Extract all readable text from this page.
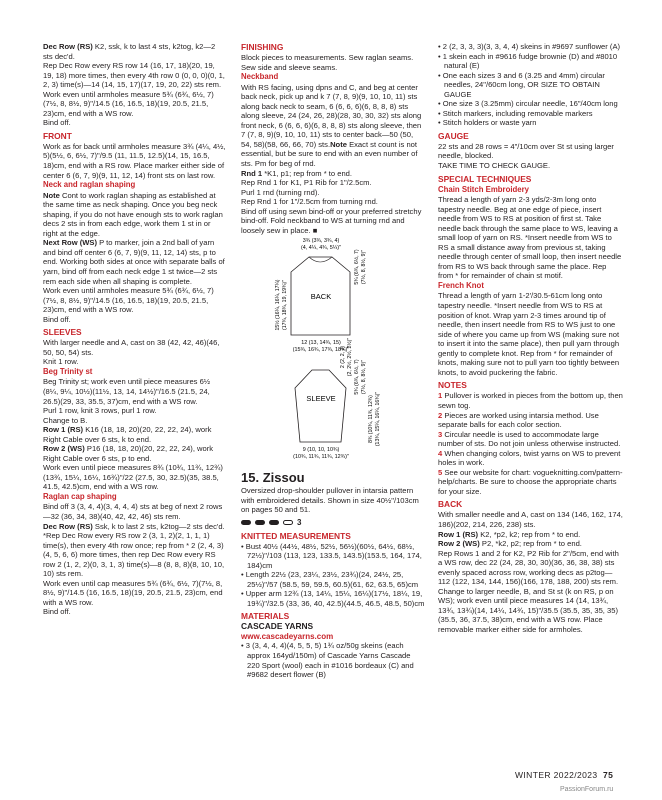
Dec Row (RS) K2, ssk, k to last 4 sts, k2tog, k2—2 sts dec'd.

Rep Dec Row every RS row 14 (16, 17, 18)(20, 19, 19, 18) more times, then every 4th row 0 (0, 0, 0)(0, 1, 2, 3) time(s)—14 (14, 15, 17)(17, 19, 20, 22) sts rem.

Work even until armholes measure 5¾ (6¾, 6½, 7)(7½, 8, 8½, 9)"/14.5 (16, 16.5, 18)(19, 20.5, 21.5, 23)cm, end with a WS row.

Bind off.

FRONT

Work as for back until armholes measure 3¾ (4¼, 4½, 5)(5½, 6, 6½, 7)"/9.5 (11, 11.5, 12.5)(14, 15, 16.5, 18)cm, end with a RS row. Place marker either side of center 6 (6, 7, 9)(9, 11, 12, 14) front sts on last row.

Neck and raglan shaping

Note Cont to work raglan shaping as established at the same time as neck shaping. Once you beg neck shaping, if you do not have enough sts to work raglan decs 2 sts in from each edge, work them 1 st in or right at the edge.

Next Row (WS) P to marker, join a 2nd ball of yarn and bind off center 6 (6, 7, 9)(9, 11, 12, 14) sts, p to end. Working both sides at once with separate balls of yarn, bind off from each neck edge 1 st twice—2 sts rem each side when all shaping is complete.

Work even until armholes measure 5¾ (6¾, 6½, 7)(7½, 8, 8½, 9)"/14.5 (16, 16.5, 18)(19, 20.5, 21.5, 23)cm, end with a WS row.

Bind off.

SLEEVES

With larger needle and A, cast on 38 (42, 42, 46)(46, 50, 50, 54) sts.

Knit 1 row.

Beg Trinity st

Beg Trinity st; work even until piece measures 6½ (8¼, 9¼, 10½)(11½, 13, 14, 14½)"/16.5 (21.5, 24, 26.5)(29, 33, 35.5, 37)cm, end with a WS row.

Purl 1 row, knit 3 rows, purl 1 row.

Change to B.

Row 1 (RS) K16 (18, 18, 20)(20, 22, 22, 24), work Right Cable over 6 sts, k to end.

Row 2 (WS) P16 (18, 18, 20)(20, 22, 22, 24), work Right Cable over 6 sts, p to end.

Work even until piece measures 8¾ (10¾, 11¾, 12¾)(13¾, 15¼, 16¼, 16¾)"/22 (27.5, 30, 32.5)(35, 38.5, 41.5, 42.5)cm, end with a WS row.

Raglan cap shaping

Bind off 3 (3, 4, 4)(3, 4, 4, 4) sts at beg of next 2 rows—32 (36, 34, 38)(40, 42, 42, 46) sts rem.

Dec Row (RS) Ssk, k to last 2 sts, k2tog—2 sts dec'd.

*Rep Dec Row every RS row 2 (3, 1, 2)(2, 1, 1, 1) time(s), then every 4th row once; rep from * 2 (2, 4, 3)(4, 5, 6, 6) more times, then rep Dec Row every RS row 2 (1, 2, 2)(0, 3, 1, 3) time(s)—8 (8, 8, 8)(8, 10, 10, 10) sts rem.

Work even until cap measures 5¾ (6¾, 6½, 7)(7½, 8, 8½, 9)"/14.5 (16, 16.5, 18)(19, 20.5, 21.5, 23)cm, end with a WS row.

Bind off.

FINISHING

Block pieces to measurements. Sew raglan seams. Sew side and sleeve seams.

Neckband

With RS facing, using dpns and C, and beg at center back neck, pick up and k 7 (7, 8, 9)(9, 10, 10, 11) sts along back neck to seam, 6 (6, 6, 6)(6, 8, 8, 8) sts along sleeve, 24 (24, 26, 28)(28, 30, 30, 32) sts along front neck, 6 (6, 6, 6)(6, 8, 8, 8) sts along sleeve, then 7 (7, 8, 9)(9, 10, 10, 11) sts to center back—50 (50, 54, 58)(58, 66, 66, 70) sts.Note Exact st count is not essential, but be sure to end with an even number of sts. Pm for beg of rnd.

Rnd 1 *K1, p1; rep from * to end.

Rep Rnd 1 for K1, P1 Rib for 1"/2.5cm.

Purl 1 rnd (turning rnd).

Rep Rnd 1 for 1"/2.5cm from turning rnd.

Bind off using sewn bind-off or your preferred stretchy bind-off. Fold neckband to WS at turning rnd and loosely sew in place. ■

3¾ (3¾, 3¾, 4)
(4, 4¼, 4¾, 5¼)"
BACK
15½ (16¼, 16¼, 17¼) (17¾, 18¾, 19, 19¾)"
5¾ (6¾, 6½, 7) (7½, 8, 8½, 9)"
12 (13, 14¾, 15)
(15¾, 16¾, 17¾, 18¾)"
SLEEVE
2 (2, 2, 2) (2, 2½, 2½, 2½)"
5¾ (6¾, 6½, 7) (7½, 8, 8½, 9)"
8¾ (10¾, 11¾, 12¾) (13¾, 15¼, 16¼, 16¾)"
9 (10, 10, 10¾)
(10¾, 11¾, 11¾, 12¾)"
15. Zissou

Oversized drop-shoulder pullover in intarsia pattern with embroidered details. Shown in size 40½"/103cm on pages 50 and 51.

3
KNITTED MEASUREMENTS

• Bust 40½ (44½, 48½, 52½, 56½)(60½, 64½, 68½, 72½)"/103 (113, 123, 133.5, 143.5)(153.5, 164, 174, 184)cm

• Length 22½ (23, 23¼, 23½, 23¾)(24, 24½, 25, 25½)"/57 (58.5, 59, 59.5, 60.5)(61, 62, 63.5, 65)cm

• Upper arm 12¾ (13, 14¼, 15¼, 16¼)(17½, 18¼, 19, 19¾)"/32.5 (33, 36, 40, 42.5)(44.5, 46.5, 48.5, 50)cm

MATERIALS
CASCADE YARNS
www.cascadeyarns.com

• 3 (3, 4, 4, 4)(4, 5, 5, 5) 1¾ oz/50g skeins (each approx 164yd/150m) of Cascade Yarns Cascade 220 Sport (wool) each in #1016 bordeaux (C) and #9682 desert flower (B)

• 2 (2, 3, 3, 3)(3, 3, 4, 4) skeins in #9697 sunflower (A)

• 1 skein each in #9616 fudge brownie (D) and #8010 natural (E)

• One each sizes 3 and 6 (3.25 and 4mm) circular needles, 24"/60cm long, OR SIZE TO OBTAIN GAUGE

• One size 3 (3.25mm) circular needle, 16"/40cm long

• Stitch markers, including removable markers

• Stitch holders or waste yarn

GAUGE

22 sts and 28 rows = 4"/10cm over St st using larger needle, blocked.

TAKE TIME TO CHECK GAUGE.

SPECIAL TECHNIQUES
Chain Stitch Embroidery

Thread a length of yarn 2-3 yds/2-3m long onto tapestry needle. Beg at one edge of piece, insert needle from WS to RS at position of first st. Take needle back through the same place to WS, leaving a small loop of yarn on RS. *Insert needle from WS to RS a small distance away from previous st, taking needle through center of small loop, then insert needle from RS to WS back through same the place. Rep from * for remainder of chain st motif.

French Knot

Thread a length of yarn 1-2'/30.5-61cm long onto tapestry needle. *Insert needle from WS to RS at position of knot. Wrap yarn 2-3 times around tip of needle, then insert needle from RS to WS just to one side of where you came up from WS (making sure not to insert it into the same place), then pull yarn through gently to complete knot. Rep from * for remainder of knots, making sure not to pull yarn too tightly between knots, to avoid puckering the fabric.

NOTES

1 Pullover is worked in pieces from the bottom up, then sewn tog.

2 Pieces are worked using intarsia method. Use separate balls for each color section.

3 Circular needle is used to accommodate large number of sts. Do not join unless otherwise instructed.

4 When changing colors, twist yarns on WS to prevent holes in work.

5 See our website for chart: vogueknitting.com/pattern-help/charts. Be sure to choose the appropriate charts for your size.

BACK

With smaller needle and A, cast on 134 (146, 162, 174, 186)(202, 214, 226, 238) sts.

Row 1 (RS) K2, *p2, k2; rep from * to end.

Row 2 (WS) P2, *k2, p2; rep from * to end.

Rep Rows 1 and 2 for K2, P2 Rib for 2"/5cm, end with a WS row, dec 22 (24, 28, 30, 30)(36, 36, 38, 38) sts evenly spaced across row, working decs as p2tog—112 (122, 134, 144, 156)(166, 178, 188, 200) sts rem.

Change to larger needle, B, and St st (k on RS, p on WS); work even until piece measures 14 (14, 13¾, 13¾, 13¾)(14, 14¼, 14¾, 15)"/35.5 (35.5, 35, 35, 35)(35.5, 36, 37.5, 38)cm, end with a WS row. Place removable marker either side for armholes.

WINTER 2022/2023 75
PassionForum.ru
